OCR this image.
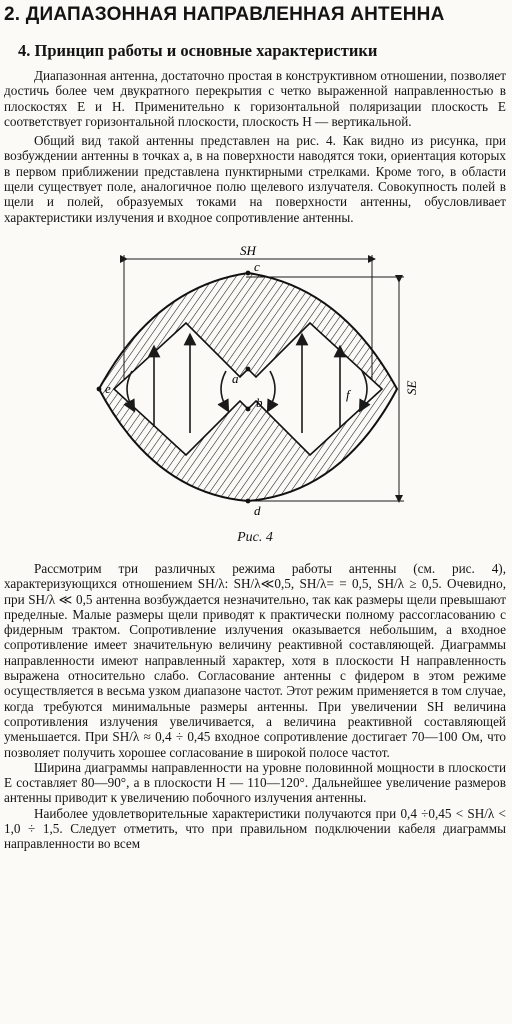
2. ДИАПАЗОННАЯ НАПРАВЛЕННАЯ АНТЕННА
4. Принцип работы и основные характеристики

Диапазонная антенна, достаточно простая в конструктивном отношении, позволяет достичь более чем двукратного перекрытия с четко выраженной направленностью в плоскостях E и H. Применительно к горизонтальной поляризации плоскость E соответствует горизонтальной плоскости, плоскость H — вертикальной.

Общий вид такой антенны представлен на рис. 4. Как видно из рисунка, при возбуждении антенны в точках a, в на поверхности наводятся токи, ориентация которых в первом приближении представлена пунктирными стрелками. Кроме того, в области щели существует поле, аналогичное полю щелевого излучателя. Совокупность полей в щели и полей, образуемых токами на поверхности антенны, обусловливает характеристики излучения и входное сопротивление антенны.

SH
SE
c
d
a
b
e	f
Рис. 4

Рассмотрим три различных режима работы антенны (см. рис. 4), характеризующихся отношением SH/λ: SH/λ≪0,5, SH/λ= = 0,5, SH/λ ≥ 0,5. Очевидно, при SH/λ ≪ 0,5 антенна возбуждается незначительно, так как размеры щели превышают пределные. Малые размеры щели приводят к практически полному рассогласованию с фидерным трактом. Сопротивление излучения оказывается небольшим, а входное сопротивление имеет значительную величину реактивной составляющей. Диаграммы направленности имеют направленный характер, хотя в плоскости H направленность выражена относительно слабо. Согласование антенны с фидером в этом режиме осуществляется в весьма узком диапазоне частот. Этот режим применяется в том случае, когда требуются минимальные размеры антенны. При увеличении SH величина сопротивления излучения увеличивается, а величина реактивной составляющей уменьшается. При SH/λ ≈ 0,4 ÷ 0,45 входное сопротивление достигает 70—100 Ом, что позволяет получить хорошее согласование в широкой полосе частот.

Ширина диаграммы направленности на уровне половинной мощности в плоскости E составляет 80—90°, а в плоскости H — 110—120°. Дальнейшее увеличение размеров антенны приводит к увеличению побочного излучения антенны.

Наиболее удовлетворительные характеристики получаются при 0,4 ÷0,45 < SH/λ < 1,0 ÷ 1,5. Следует отметить, что при правильном подключении кабеля диаграммы направленности во всем
